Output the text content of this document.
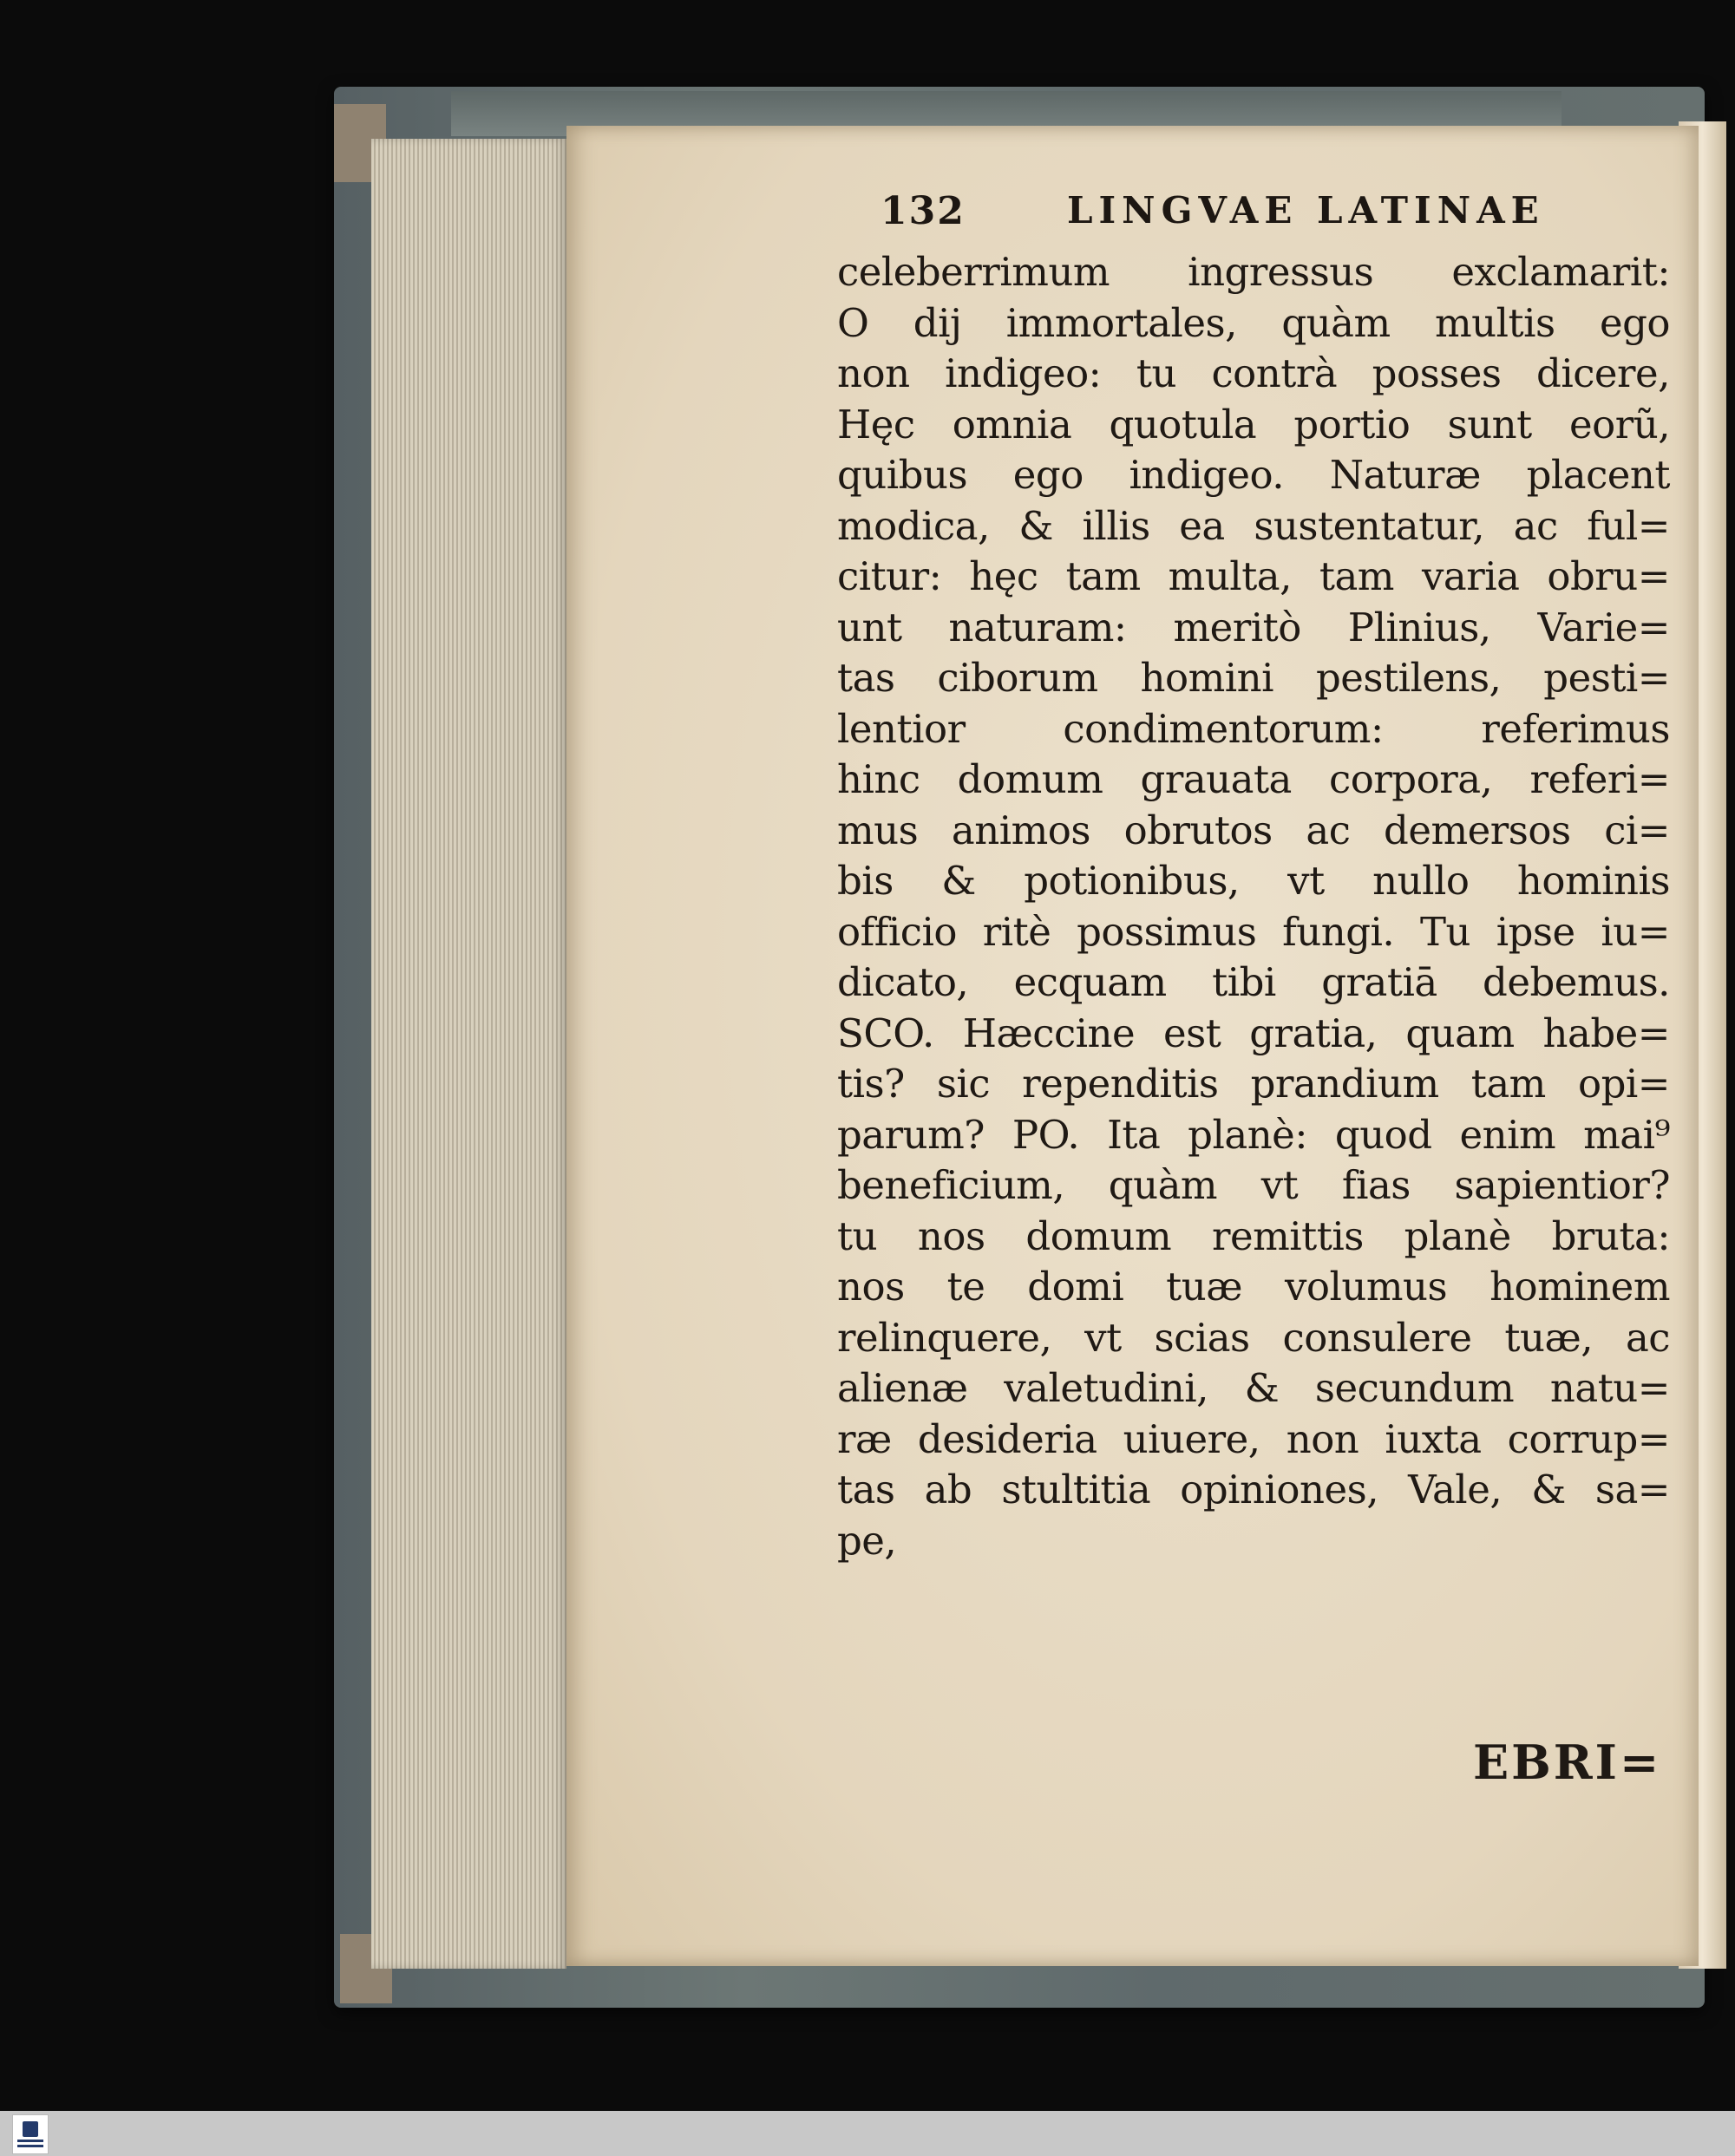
132	LINGVAE LATINAE
celeberrimum ingressus exclamarit:
O dij immortales, quàm multis ego
non indigeo: tu contrà posses dicere,
Hęc omnia quotula portio sunt eorũ,
quibus ego indigeo. Naturæ placent
modica, & illis ea sustentatur, ac ful=
citur: hęc tam multa, tam varia obru=
unt naturam: meritò Plinius, Varie=
tas ciborum homini pestilens, pesti=
lentior condimentorum: referimus
hinc domum grauata corpora, referi=
mus animos obrutos ac demersos ci=
bis & potionibus, vt nullo hominis
officio ritè possimus fungi. Tu ipse iu=
dicato, ecquam tibi gratiā debemus.
SCO. Hæccine est gratia, quam habe=
tis? sic rependitis prandium tam opi=
parum? PO. Ita planè: quod enim mai⁹
beneficium, quàm vt fias sapientior?
tu nos domum remittis planè bruta:
nos te domi tuæ volumus hominem
relinquere, vt scias consulere tuæ, ac
alienæ valetudini, & secundum natu=
ræ desideria uiuere, non iuxta corrup=
tas ab stultitia opiniones, Vale, & sa=
pe,
EBRI=
